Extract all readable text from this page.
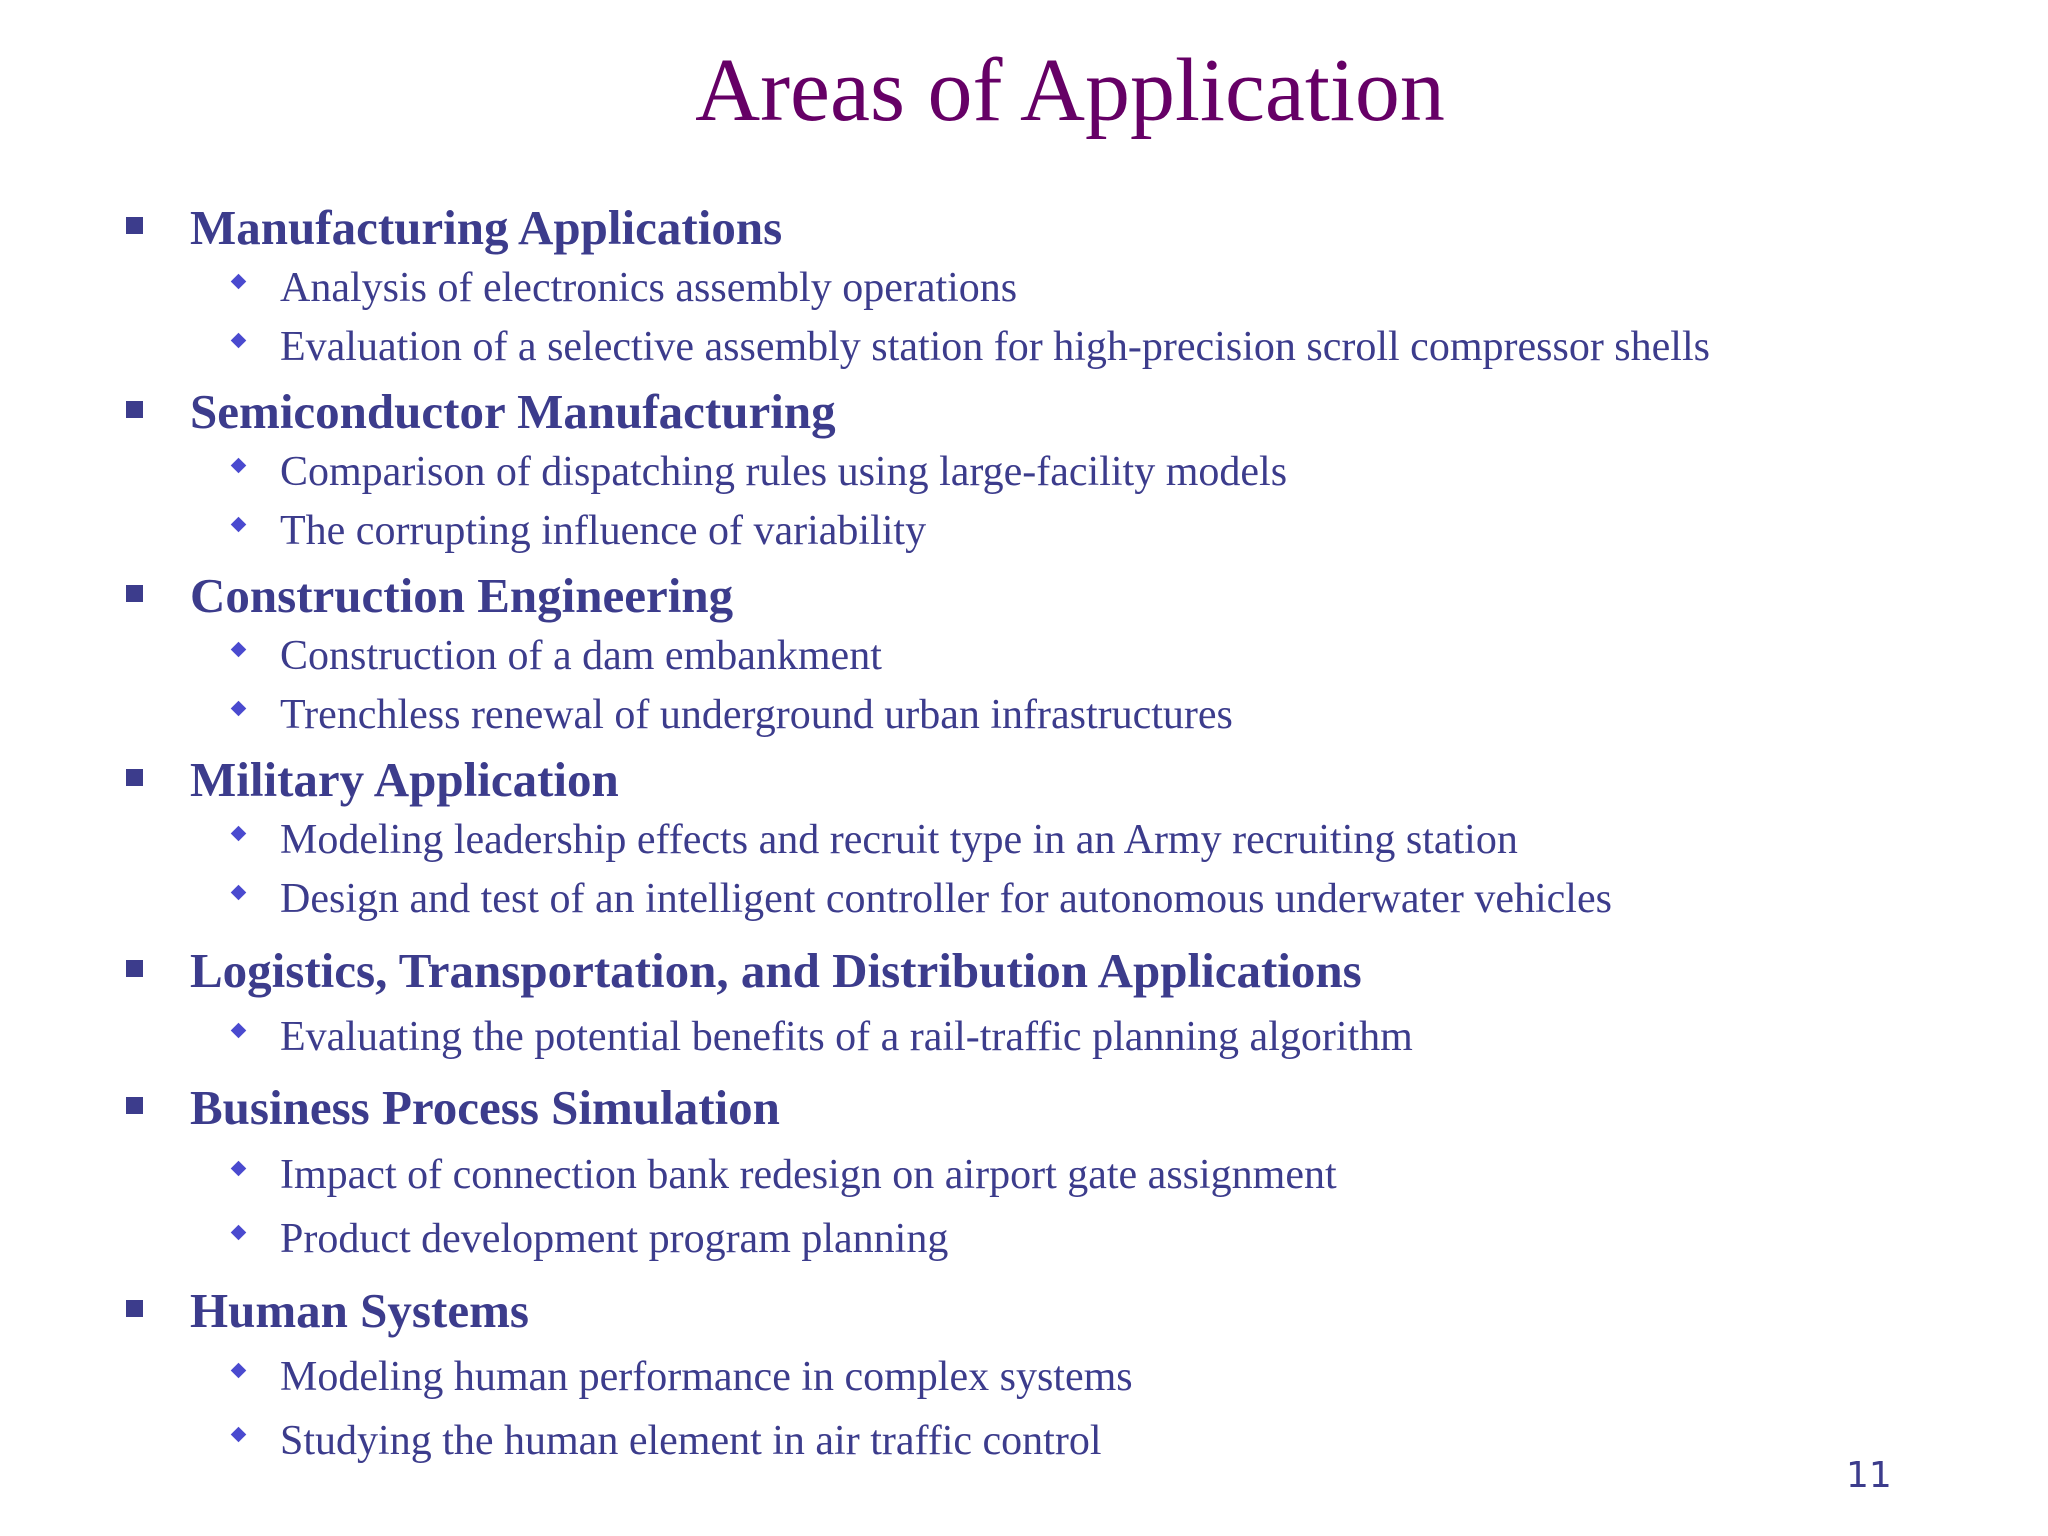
Areas of Application
Manufacturing Applications
Analysis of electronics assembly operations
Evaluation of a selective assembly station for high-precision scroll compressor shells
Semiconductor Manufacturing
Comparison of dispatching rules using large-facility models
The corrupting influence of variability
Construction Engineering
Construction of a dam embankment
Trenchless renewal of underground urban infrastructures
Military Application
Modeling leadership effects and recruit type in an Army recruiting station
Design and test of an intelligent controller for autonomous underwater vehicles
Logistics, Transportation, and Distribution Applications
Evaluating the potential benefits of a rail-traffic planning algorithm
Business Process Simulation
Impact of connection bank redesign on airport gate assignment
Product development program planning
Human Systems
Modeling human performance in complex systems
Studying the human element in air traffic control
11
